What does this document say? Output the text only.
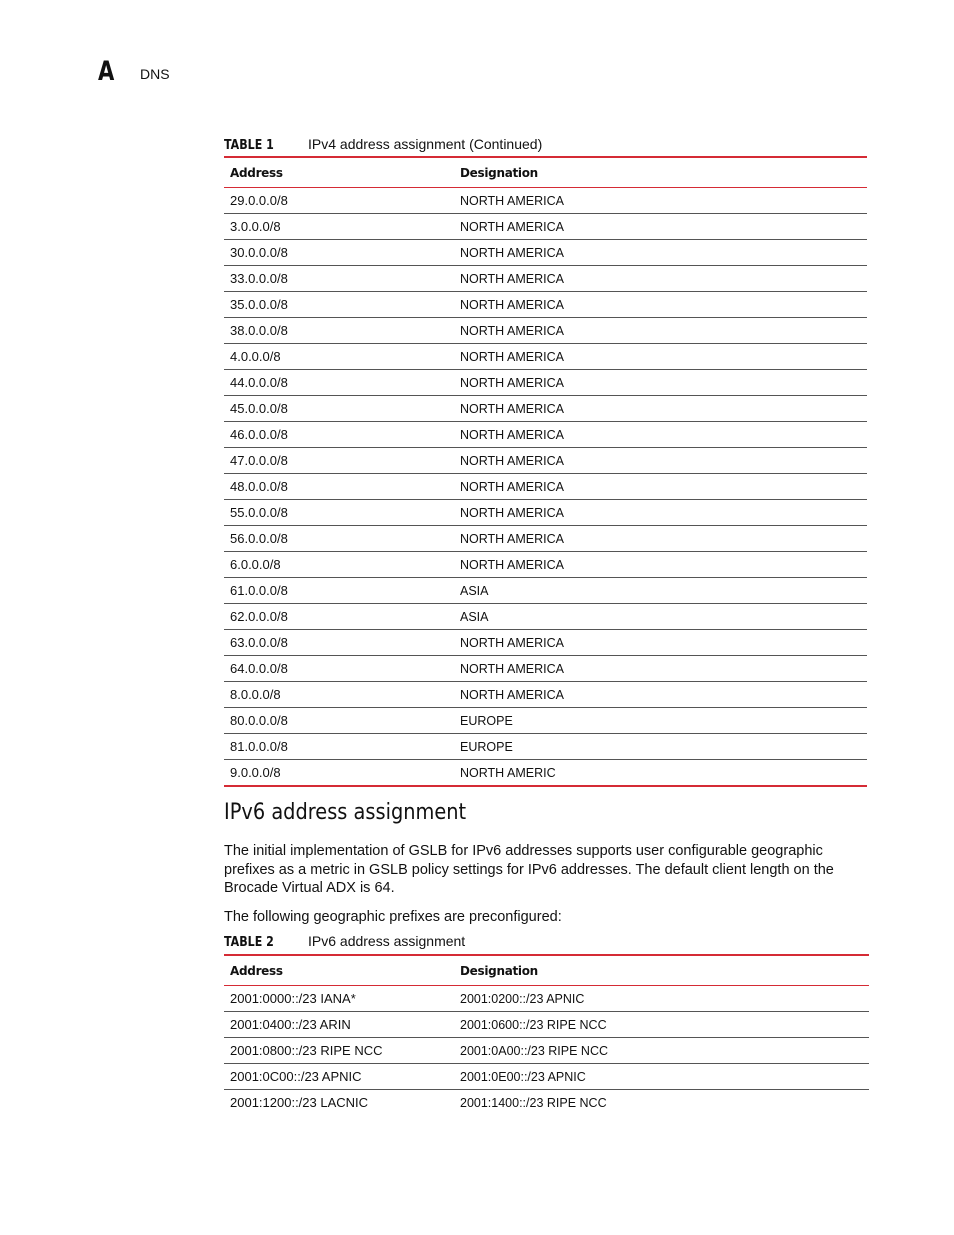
A DNS
TABLE 1 IPv4 address assignment (Continued)
Address	Designation
29.0.0.0/8	NORTH AMERICA
3.0.0.0/8	NORTH AMERICA
30.0.0.0/8	NORTH AMERICA
33.0.0.0/8	NORTH AMERICA
35.0.0.0/8	NORTH AMERICA
38.0.0.0/8	NORTH AMERICA
4.0.0.0/8	NORTH AMERICA
44.0.0.0/8	NORTH AMERICA
45.0.0.0/8	NORTH AMERICA
46.0.0.0/8	NORTH AMERICA
47.0.0.0/8	NORTH AMERICA
48.0.0.0/8	NORTH AMERICA
55.0.0.0/8	NORTH AMERICA
56.0.0.0/8	NORTH AMERICA
6.0.0.0/8	NORTH AMERICA
61.0.0.0/8	ASIA
62.0.0.0/8	ASIA
63.0.0.0/8	NORTH AMERICA
64.0.0.0/8	NORTH AMERICA
8.0.0.0/8	NORTH AMERICA
80.0.0.0/8	EUROPE
81.0.0.0/8	EUROPE
9.0.0.0/8	NORTH AMERIC
IPv6 address assignment

The initial implementation of GSLB for IPv6 addresses supports user configurable geographic prefixes as a metric in GSLB policy settings for IPv6 addresses. The default client length on the Brocade Virtual ADX is 64.

The following geographic prefixes are preconfigured:

TABLE 2 IPv6 address assignment
Address	Designation
2001:0000::/23 IANA*	2001:0200::/23 APNIC
2001:0400::/23 ARIN	2001:0600::/23 RIPE NCC
2001:0800::/23 RIPE NCC	2001:0A00::/23 RIPE NCC
2001:0C00::/23 APNIC	2001:0E00::/23 APNIC
2001:1200::/23 LACNIC	2001:1400::/23 RIPE NCC
